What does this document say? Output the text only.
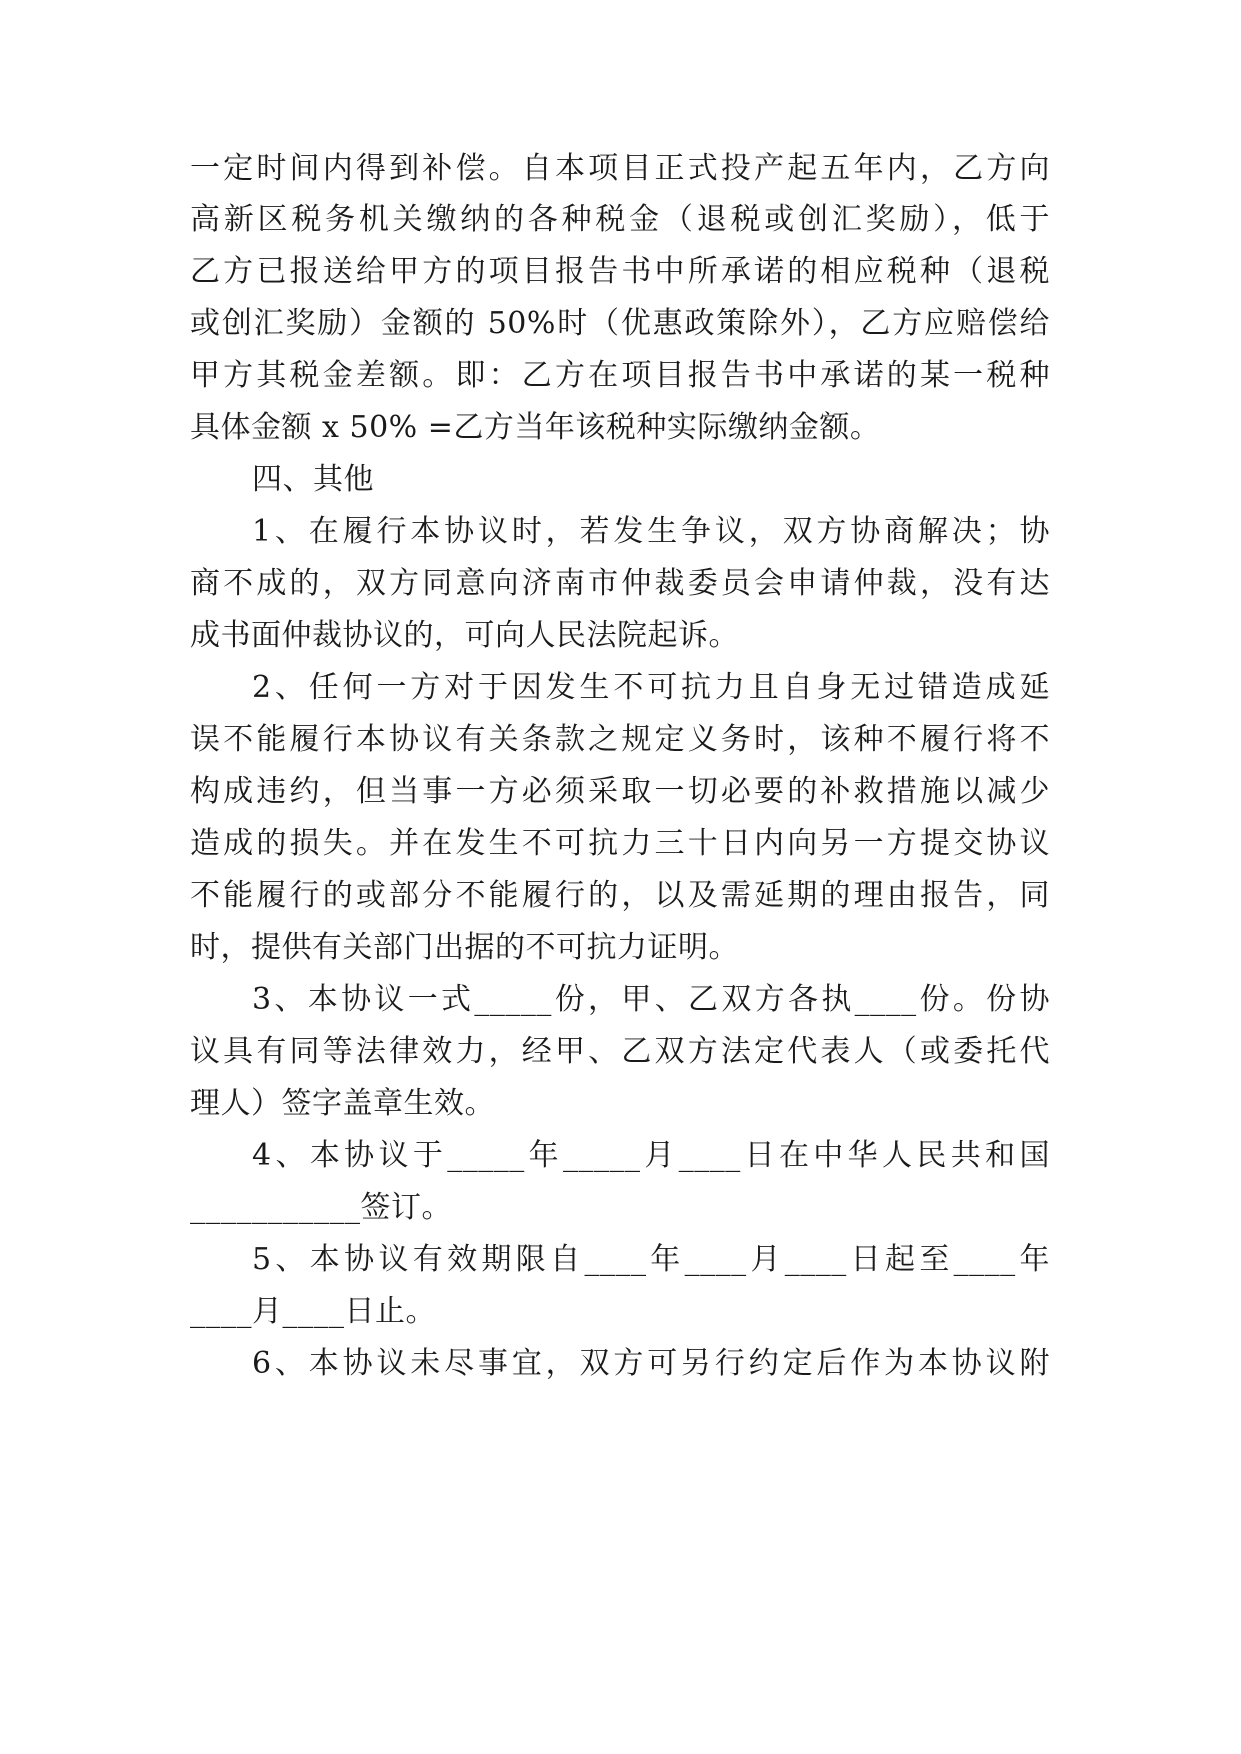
一定时间内得到补偿。自本项目正式投产起五年内，乙方向
高新区税务机关缴纳的各种税金（退税或创汇奖励），低于
乙方已报送给甲方的项目报告书中所承诺的相应税种（退税
或创汇奖励）金额的 50%时（优惠政策除外），乙方应赔偿给
甲方其税金差额。即：乙方在项目报告书中承诺的某一税种
具体金额 x 50% =乙方当年该税种实际缴纳金额。
四、其他
1、在履行本协议时，若发生争议，双方协商解决；协
商不成的，双方同意向济南市仲裁委员会申请仲裁，没有达
成书面仲裁协议的，可向人民法院起诉。
2、任何一方对于因发生不可抗力且自身无过错造成延
误不能履行本协议有关条款之规定义务时，该种不履行将不
构成违约，但当事一方必须采取一切必要的补救措施以减少
造成的损失。并在发生不可抗力三十日内向另一方提交协议
不能履行的或部分不能履行的，以及需延期的理由报告，同
时，提供有关部门出据的不可抗力证明。
3、本协议一式_____份，甲、乙双方各执____份。份协
议具有同等法律效力，经甲、乙双方法定代表人（或委托代
理人）签字盖章生效。
4、本协议于_____年_____月____日在中华人民共和国
___________签订。
5、本协议有效期限自____年____月____日起至____年
____月____日止。
6、本协议未尽事宜，双方可另行约定后作为本协议附
